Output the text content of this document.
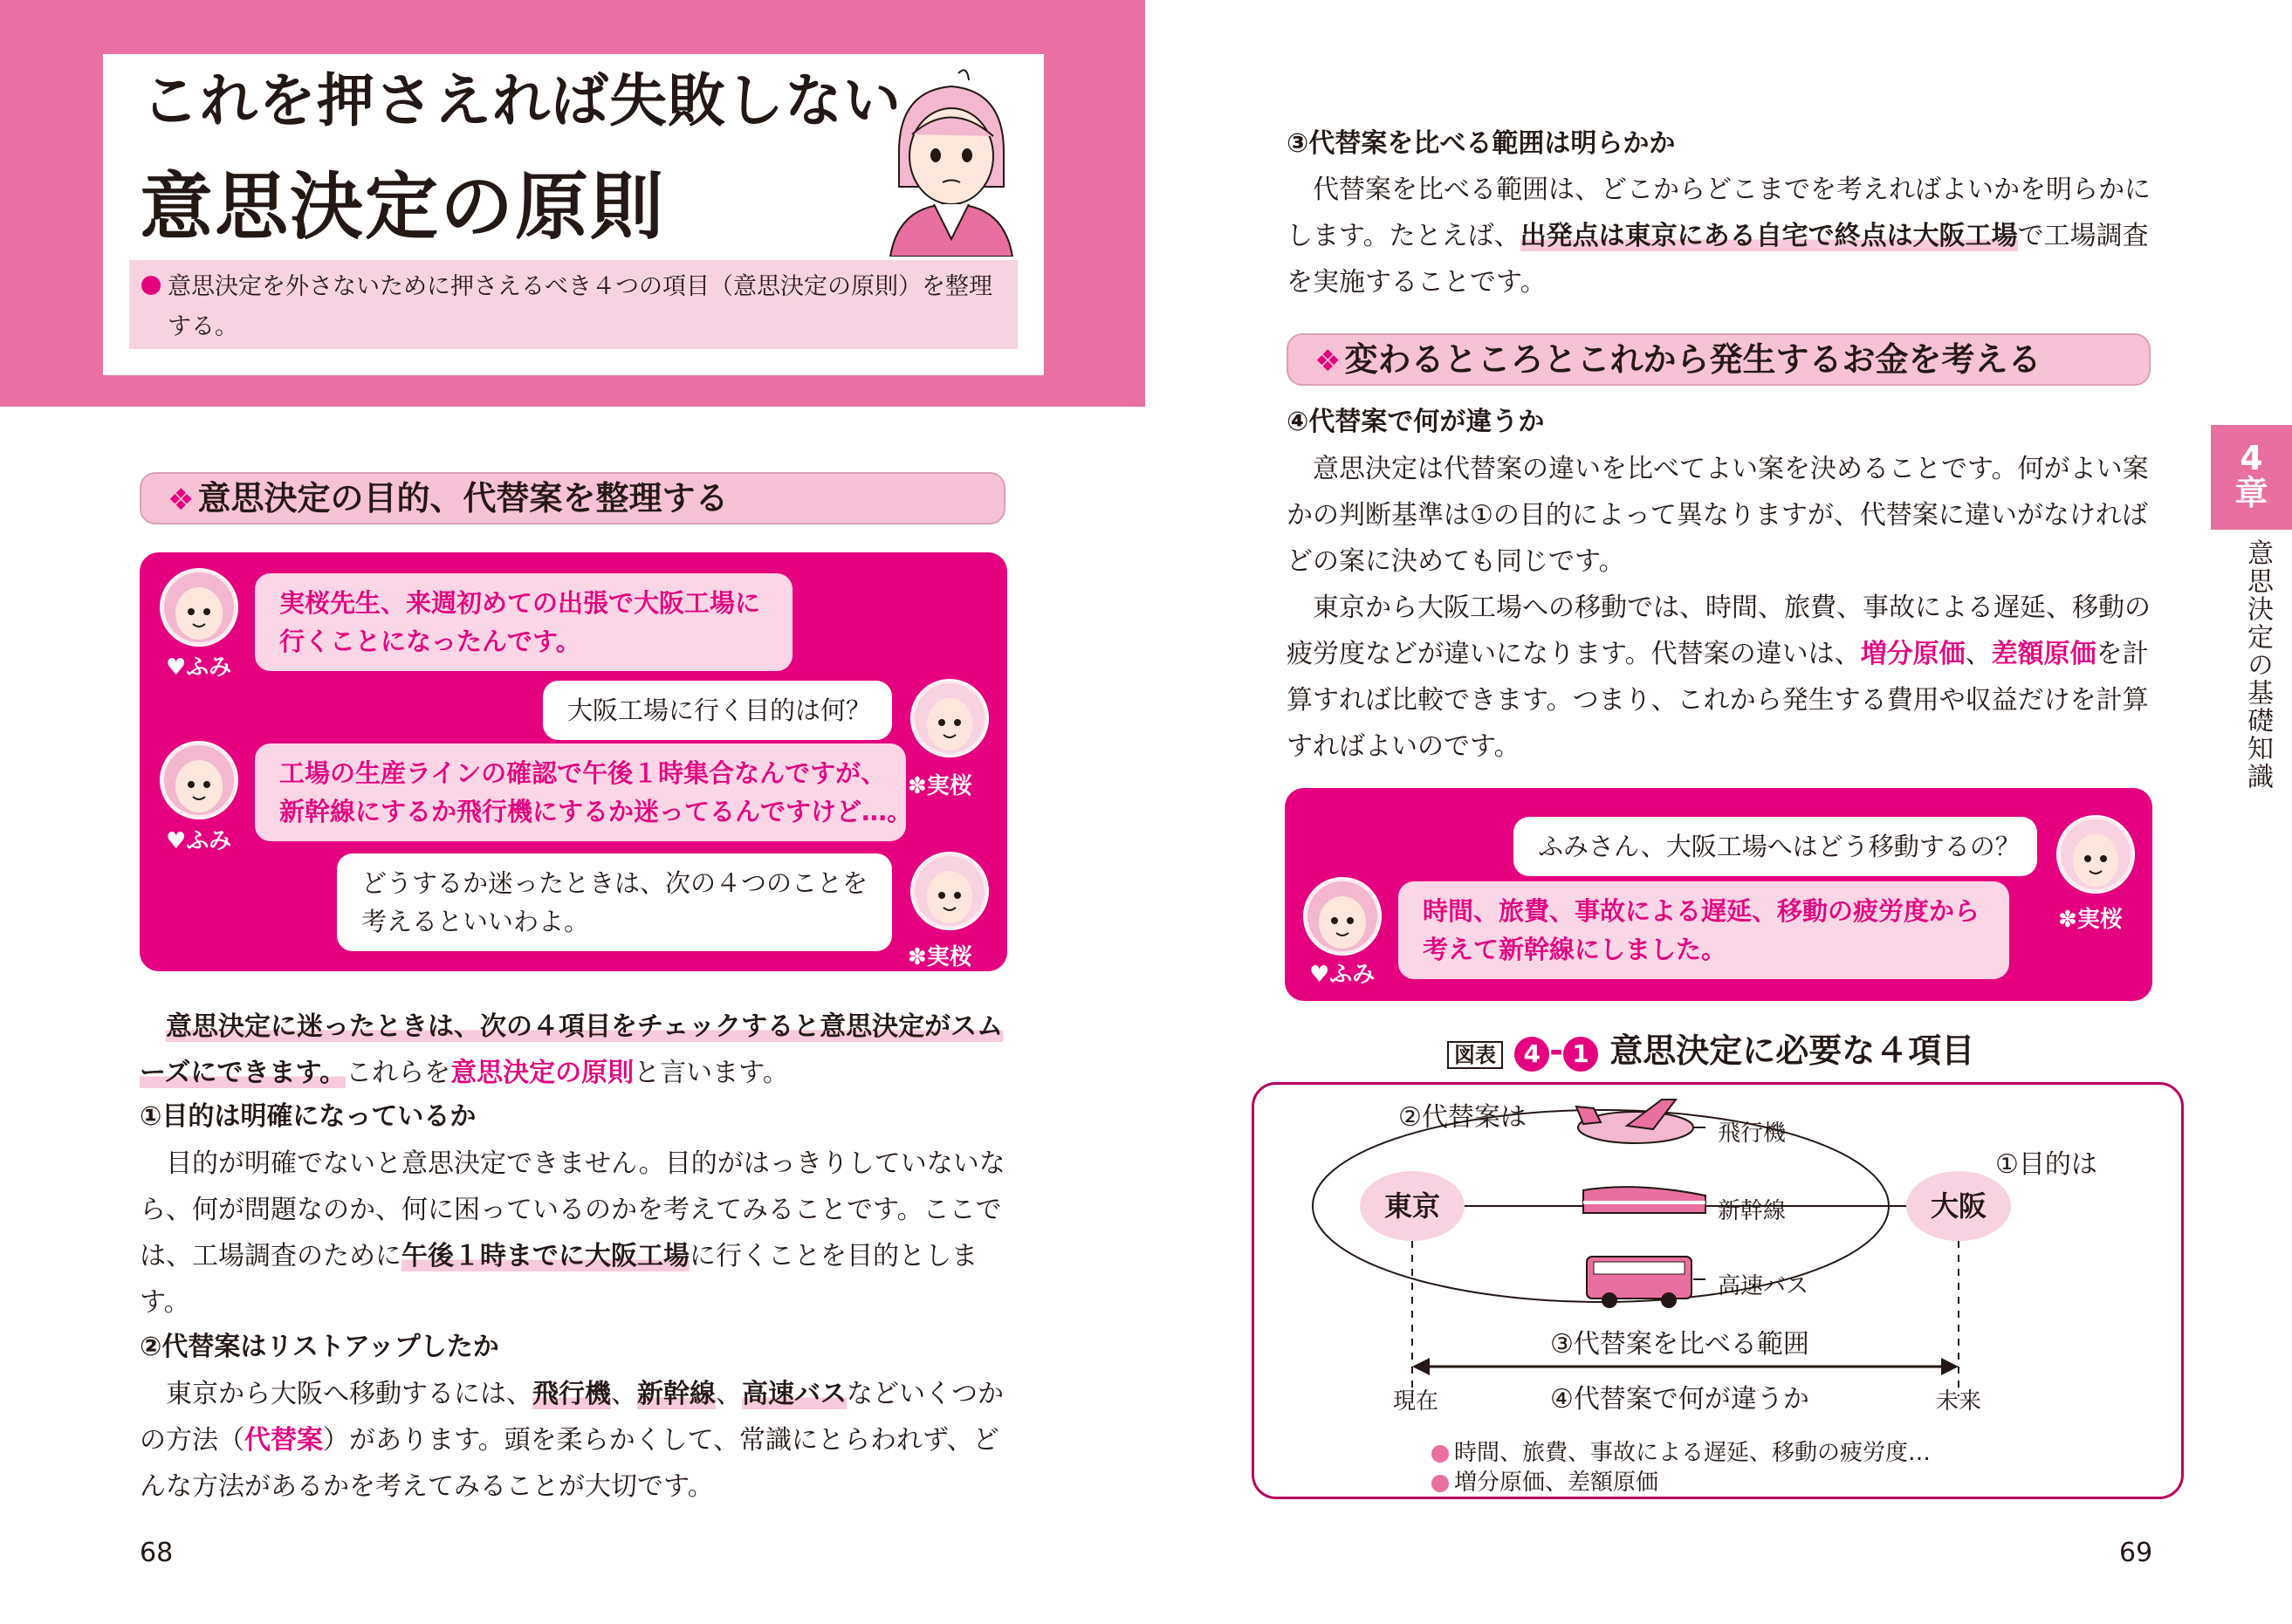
これを押さえれば失敗しない
意思決定の原則
意思決定を外さないために押さえるべき４つの項目（意思決定の原則）を整理する。
❖ 意思決定の目的、代替案を整理する
♥ふみ
実桜先生、来週初めての出張で大阪工場に
行くことになったんです。
✽実桜
大阪工場に行く目的は何？
♥ふみ
工場の生産ラインの確認で午後１時集合なんですが、
新幹線にするか飛行機にするか迷ってるんですけど…。
✽実桜
どうするか迷ったときは、次の４つのことを
考えるといいわよ。
意思決定に迷ったときは、次の４項目をチェックすると意思決定がスムーズにできます。これらを意思決定の原則と言います。
①目的は明確になっているか
目的が明確でないと意思決定できません。目的がはっきりしていないなら、何が問題なのか、何に困っているのかを考えてみることです。ここでは、工場調査のために午後１時までに大阪工場に行くことを目的とします。
②代替案はリストアップしたか
東京から大阪へ移動するには、飛行機、新幹線、高速バスなどいくつかの方法（代替案）があります。頭を柔らかくして、常識にとらわれず、どんな方法があるかを考えてみることが大切です。
68
③代替案を比べる範囲は明らかか
代替案を比べる範囲は、どこからどこまでを考えればよいかを明らかにします。たとえば、出発点は東京にある自宅で終点は大阪工場で工場調査を実施することです。
❖ 変わるところとこれから発生するお金を考える
④代替案で何が違うか
意思決定は代替案の違いを比べてよい案を決めることです。何がよい案かの判断基準は①の目的によって異なりますが、代替案に違いがなければどの案に決めても同じです。
東京から大阪工場への移動では、時間、旅費、事故による遅延、移動の疲労度などが違いになります。代替案の違いは、増分原価、差額原価を計算すれば比較できます。つまり、これから発生する費用や収益だけを計算すればよいのです。
✽実桜
ふみさん、大阪工場へはどう移動するの？
♥ふみ
時間、旅費、事故による遅延、移動の疲労度から
考えて新幹線にしました。
図表 4 - 1 意思決定に必要な４項目
東京	大阪
②代替案は
①目的は
飛行機
新幹線
高速バス
③代替案を比べる範囲
現在	未来
④代替案で何が違うか
時間、旅費、事故による遅延、移動の疲労度…
増分原価、差額原価
4
章
意思決定の基礎知識
69
